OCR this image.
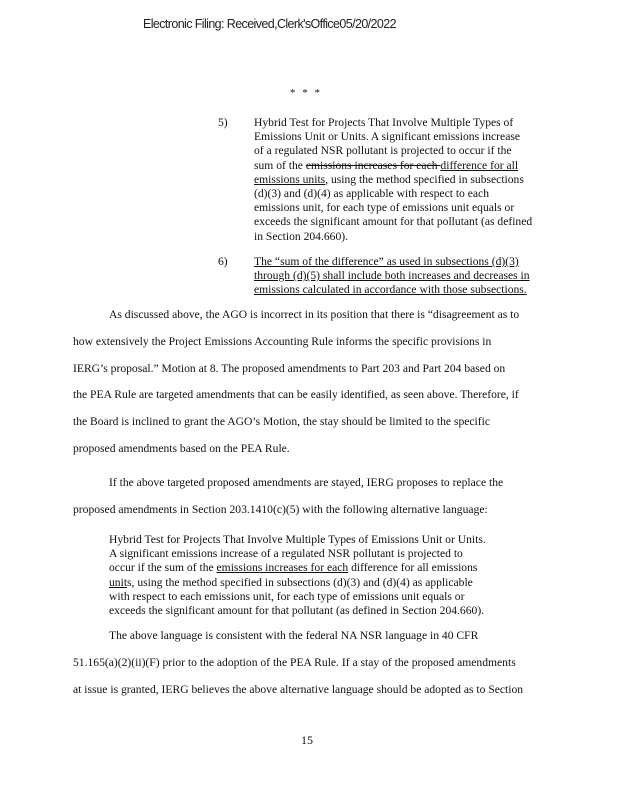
Electronic Filing: Received,Clerk'sOffice05/20/2022
* * *
5) Hybrid Test for Projects That Involve Multiple Types of
Emissions Unit or Units. A significant emissions increase
of a regulated NSR pollutant is projected to occur if the
sum of the emissions increases for each difference for all
emissions units, using the method specified in subsections
(d)(3) and (d)(4) as applicable with respect to each
emissions unit, for each type of emissions unit equals or
exceeds the significant amount for that pollutant (as defined
in Section 204.660).
6) The “sum of the difference” as used in subsections (d)(3)
through (d)(5) shall include both increases and decreases in
emissions calculated in accordance with those subsections.
As discussed above, the AGO is incorrect in its position that there is “disagreement as to
how extensively the Project Emissions Accounting Rule informs the specific provisions in
IERG’s proposal.” Motion at 8. The proposed amendments to Part 203 and Part 204 based on
the PEA Rule are targeted amendments that can be easily identified, as seen above. Therefore, if
the Board is inclined to grant the AGO’s Motion, the stay should be limited to the specific
proposed amendments based on the PEA Rule.
If the above targeted proposed amendments are stayed, IERG proposes to replace the
proposed amendments in Section 203.1410(c)(5) with the following alternative language:
Hybrid Test for Projects That Involve Multiple Types of Emissions Unit or Units.
A significant emissions increase of a regulated NSR pollutant is projected to
occur if the sum of the emissions increases for each difference for all emissions
units, using the method specified in subsections (d)(3) and (d)(4) as applicable
with respect to each emissions unit, for each type of emissions unit equals or
exceeds the significant amount for that pollutant (as defined in Section 204.660).
The above language is consistent with the federal NA NSR language in 40 CFR
51.165(a)(2)(ii)(F) prior to the adoption of the PEA Rule. If a stay of the proposed amendments
at issue is granted, IERG believes the above alternative language should be adopted as to Section
15
